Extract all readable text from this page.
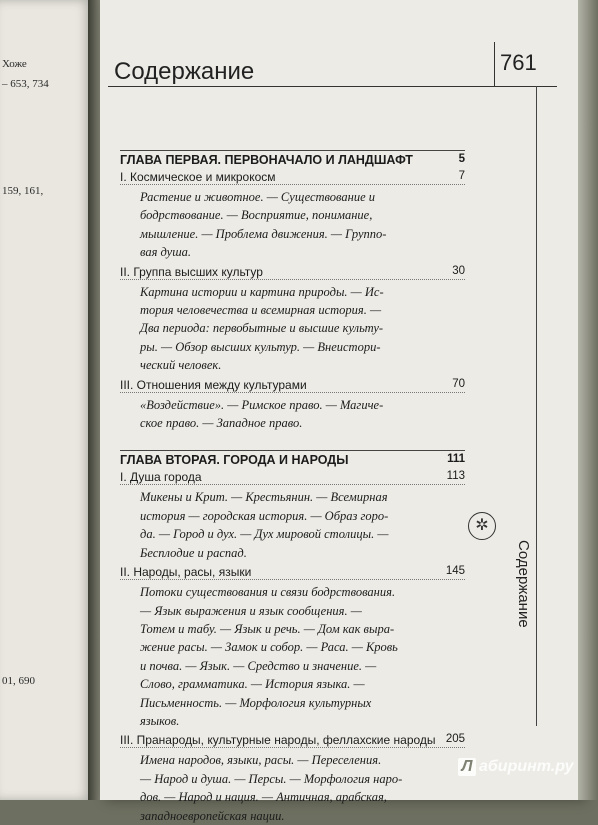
Хоже
– 653, 734
159, 161,
01, 690
Содержание	761
✲
Содержание
ГЛАВА ПЕРВАЯ. ПЕРВОНАЧАЛО И ЛАНДШАФТ	5
I. Космическое и микрокосм	7
Растение и животное. — Существование и
бодрствование. — Восприятие, понимание,
мышление. — Проблема движения. — Группо-
вая душа.
II. Группа высших культур	30
Картина истории и картина природы. — Ис-
тория человечества и всемирная история. —
Два периода: первобытные и высшие культу-
ры. — Обзор высших культур. — Внеистори-
ческий человек.
III. Отношения между культурами	70
«Воздействие». — Римское право. — Магиче-
ское право. — Западное право.
ГЛАВА ВТОРАЯ. ГОРОДА И НАРОДЫ	111
I. Душа города	113
Микены и Крит. — Крестьянин. — Всемирная
история — городская история. — Образ горо-
да. — Город и дух. — Дух мировой столицы. —
Бесплодие и распад.
II. Народы, расы, языки	145
Потоки существования и связи бодрствования.
— Язык выражения и язык сообщения. —
Тотем и табу. — Язык и речь. — Дом как выра-
жение расы. — Замок и собор. — Раса. — Кровь
и почва. — Язык. — Средство и значение. —
Слово, грамматика. — История языка. —
Письменность. — Морфология культурных
языков.
III. Пранароды, культурные народы, феллахские народы 205
Имена народов, языки, расы. — Переселения.
— Народ и душа. — Персы. — Морфология наро-
дов. — Народ и нация. — Античная, арабская,
западноевропейская нации.
Л абиринт.ру
